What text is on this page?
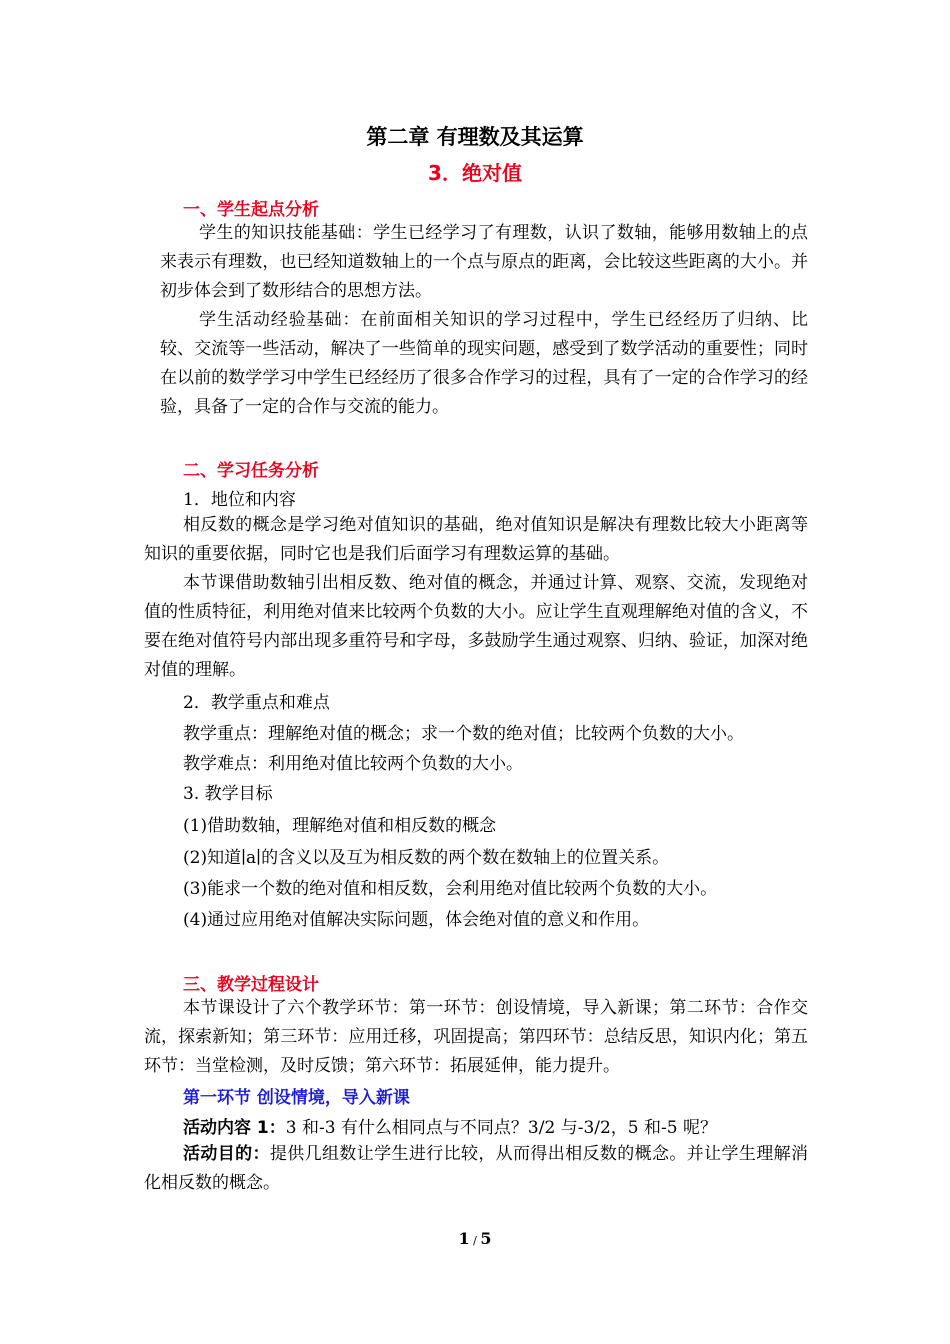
第二章 有理数及其运算
3．绝对值
一、学生起点分析

学生的知识技能基础：学生已经学习了有理数，认识了数轴，能够用数轴上的点来表示有理数，也已经知道数轴上的一个点与原点的距离，会比较这些距离的大小。并初步体会到了数形结合的思想方法。

学生活动经验基础：在前面相关知识的学习过程中，学生已经经历了归纳、比较、交流等一些活动，解决了一些简单的现实问题，感受到了数学活动的重要性；同时在以前的数学学习中学生已经经历了很多合作学习的过程，具有了一定的合作学习的经验，具备了一定的合作与交流的能力。

二、学习任务分析
1．地位和内容

相反数的概念是学习绝对值知识的基础，绝对值知识是解决有理数比较大小距离等知识的重要依据，同时它也是我们后面学习有理数运算的基础。

本节课借助数轴引出相反数、绝对值的概念，并通过计算、观察、交流，发现绝对值的性质特征，利用绝对值来比较两个负数的大小。应让学生直观理解绝对值的含义，不要在绝对值符号内部出现多重符号和字母，多鼓励学生通过观察、归纳、验证，加深对绝对值的理解。

2．教学重点和难点
教学重点：理解绝对值的概念；求一个数的绝对值；比较两个负数的大小。
教学难点：利用绝对值比较两个负数的大小。
3. 教学目标
(1)借助数轴，理解绝对值和相反数的概念
(2)知道∣a∣的含义以及互为相反数的两个数在数轴上的位置关系。
(3)能求一个数的绝对值和相反数，会利用绝对值比较两个负数的大小。
(4)通过应用绝对值解决实际问题，体会绝对值的意义和作用。
三、教学过程设计

本节课设计了六个教学环节：第一环节：创设情境，导入新课；第二环节：合作交流，探索新知；第三环节：应用迁移，巩固提高；第四环节：总结反思，知识内化；第五环节：当堂检测，及时反馈；第六环节：拓展延伸，能力提升。

第一环节 创设情境，导入新课
活动内容 1：3 和-3 有什么相同点与不同点？3/2 与-3/2，5 和-5 呢？

活动目的：提供几组数让学生进行比较，从而得出相反数的概念。并让学生理解消化相反数的概念。

1 / 5
